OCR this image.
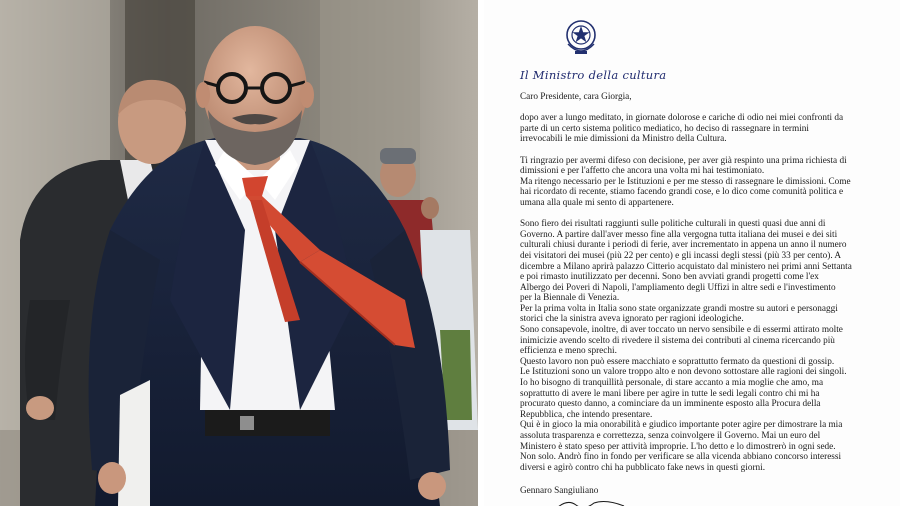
Il Ministro della cultura

Caro Presidente, cara Giorgia,

dopo aver a lungo meditato, in giornate dolorose e cariche di odio nei miei confronti da

parte di un certo sistema politico mediatico, ho deciso di rassegnare in termini

irrevocabili le mie dimissioni da Ministro della Cultura.

Ti ringrazio per avermi difeso con decisione, per aver già respinto una prima richiesta di

dimissioni e per l'affetto che ancora una volta mi hai testimoniato.

Ma ritengo necessario per le Istituzioni e per me stesso di rassegnare le dimissioni. Come

hai ricordato di recente, stiamo facendo grandi cose, e lo dico come comunità politica e

umana alla quale mi sento di appartenere.

Sono fiero dei risultati raggiunti sulle politiche culturali in questi quasi due anni di

Governo. A partire dall'aver messo fine alla vergogna tutta italiana dei musei e dei siti

culturali chiusi durante i periodi di ferie, aver incrementato in appena un anno il numero

dei visitatori dei musei (più 22 per cento) e gli incassi degli stessi (più 33 per cento). A

dicembre a Milano aprirà palazzo Citterio acquistato dal ministero nei primi anni Settanta

e poi rimasto inutilizzato per decenni. Sono ben avviati grandi progetti come l'ex

Albergo dei Poveri di Napoli, l'ampliamento degli Uffizi in altre sedi e l'investimento

per la Biennale di Venezia.

Per la prima volta in Italia sono state organizzate grandi mostre su autori e personaggi

storici che la sinistra aveva ignorato per ragioni ideologiche.

Sono consapevole, inoltre, di aver toccato un nervo sensibile e di essermi attirato molte

inimicizie avendo scelto di rivedere il sistema dei contributi al cinema ricercando più

efficienza e meno sprechi.

Questo lavoro non può essere macchiato e soprattutto fermato da questioni di gossip.

Le Istituzioni sono un valore troppo alto e non devono sottostare alle ragioni dei singoli.

Io ho bisogno di tranquillità personale, di stare accanto a mia moglie che amo, ma

soprattutto di avere le mani libere per agire in tutte le sedi legali contro chi mi ha

procurato questo danno, a cominciare da un imminente esposto alla Procura della

Repubblica, che intendo presentare.

Qui è in gioco la mia onorabilità e giudico importante poter agire per dimostrare la mia

assoluta trasparenza e correttezza, senza coinvolgere il Governo. Mai un euro del

Ministero è stato speso per attività improprie. L'ho detto e lo dimostrerò in ogni sede.

Non solo. Andrò fino in fondo per verificare se alla vicenda abbiano concorso interessi

diversi e agirò contro chi ha pubblicato fake news in questi giorni.

Gennaro Sangiuliano
